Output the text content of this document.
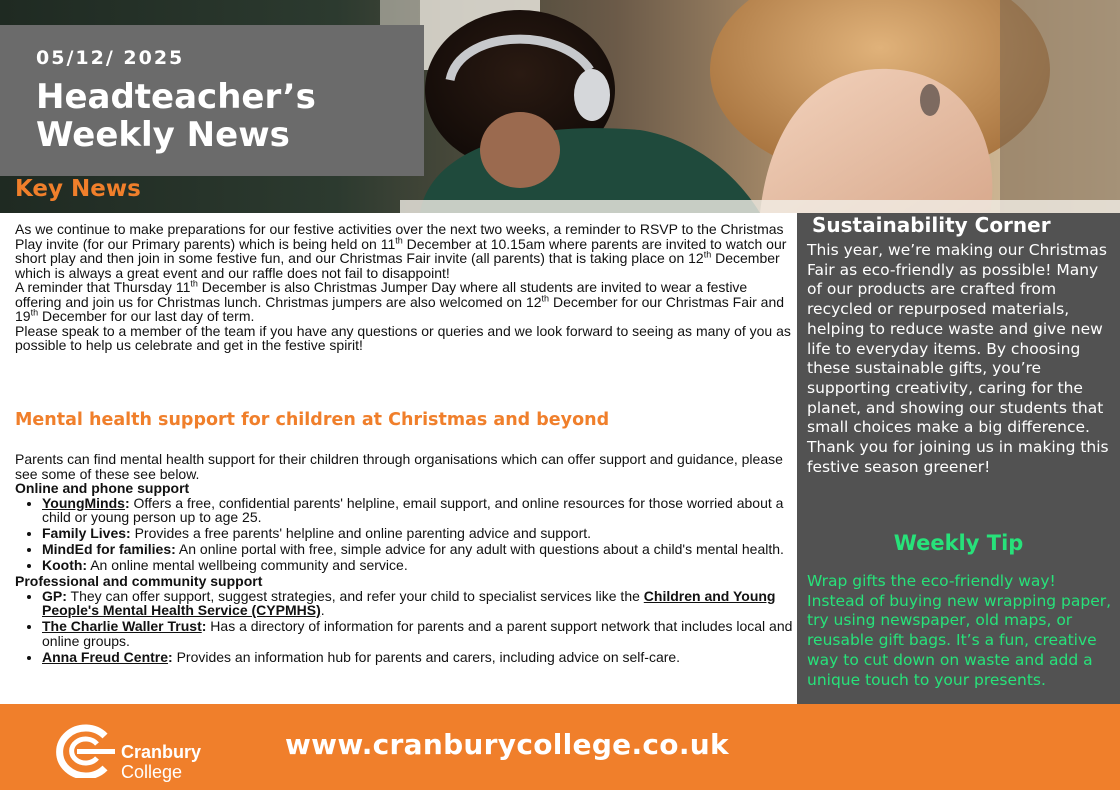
05/12/ 2025
Headteacher’s
Weekly News
Key News

As we continue to make preparations for our festive activities over the next two weeks, a reminder to RSVP to the Christmas Play invite (for our Primary parents) which is being held on 11th December at 10.15am where parents are invited to watch our short play and then join in some festive fun, and our Christmas Fair invite (all parents) that is taking place on 12th December which is always a great event and our raffle does not fail to disappoint!

A reminder that Thursday 11th December is also Christmas Jumper Day where all students are invited to wear a festive offering and join us for Christmas lunch. Christmas jumpers are also welcomed on 12th December for our Christmas Fair and 19th December for our last day of term.

Please speak to a member of the team if you have any questions or queries and we look forward to seeing as many of you as possible to help us celebrate and get in the festive spirit!

Mental health support for children at Christmas and beyond

Parents can find mental health support for their children through organisations which can offer support and guidance, please see some of these see below.

Online and phone support

• YoungMinds: Offers a free, confidential parents' helpline, email support, and online resources for those worried about a child or young person up to age 25.
• Family Lives: Provides a free parents' helpline and online parenting advice and support.
• MindEd for families: An online portal with free, simple advice for any adult with questions about a child's mental health.
• Kooth: An online mental wellbeing community and service.

Professional and community support

• GP: They can offer support, suggest strategies, and refer your child to specialist services like the Children and Young People's Mental Health Service (CYPMHS).
• The Charlie Waller Trust: Has a directory of information for parents and a parent support network that includes local and online groups.
• Anna Freud Centre: Provides an information hub for parents and carers, including advice on self-care.
Sustainability Corner
This year, we’re making our Christmas Fair as eco-friendly as possible! Many of our products are crafted from recycled or repurposed materials, helping to reduce waste and give new life to everyday items. By choosing these sustainable gifts, you’re supporting creativity, caring for the planet, and showing our students that small choices make a big difference. Thank you for joining us in making this festive season greener!
Weekly Tip
Wrap gifts the eco-friendly way! Instead of buying new wrapping paper, try using newspaper, old maps, or reusable gift bags. It’s a fun, creative way to cut down on waste and add a unique touch to your presents.
Cranbury
College
www.cranburycollege.co.uk
